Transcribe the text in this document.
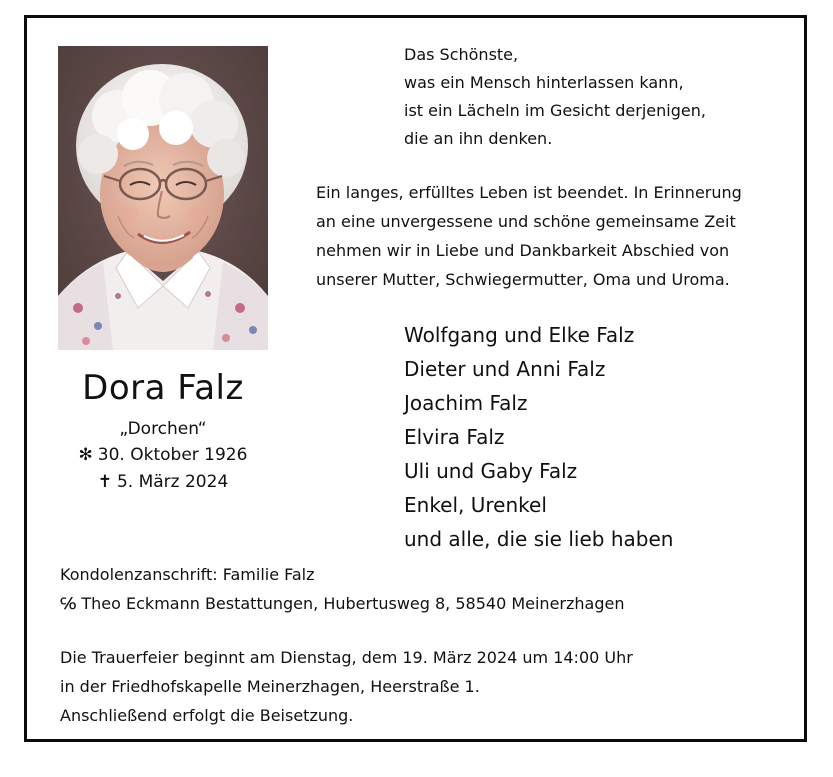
Dora Falz
„Dorchen“
✻ 30. Oktober 1926
✝ 5. März 2024
Das Schönste,
was ein Mensch hinterlassen kann,
ist ein Lächeln im Gesicht derjenigen,
die an ihn denken.
Ein langes, erfülltes Leben ist beendet. In Erinnerung
an eine unvergessene und schöne gemeinsame Zeit
nehmen wir in Liebe und Dankbarkeit Abschied von
unserer Mutter, Schwiegermutter, Oma und Uroma.
Wolfgang und Elke Falz
Dieter und Anni Falz
Joachim Falz
Elvira Falz
Uli und Gaby Falz
Enkel, Urenkel
und alle, die sie lieb haben
Kondolenzanschrift: Familie Falz
℅ Theo Eckmann Bestattungen, Hubertusweg 8, 58540 Meinerzhagen
Die Trauerfeier beginnt am Dienstag, dem 19. März 2024 um 14:00 Uhr
in der Friedhofskapelle Meinerzhagen, Heerstraße 1.
Anschließend erfolgt die Beisetzung.
